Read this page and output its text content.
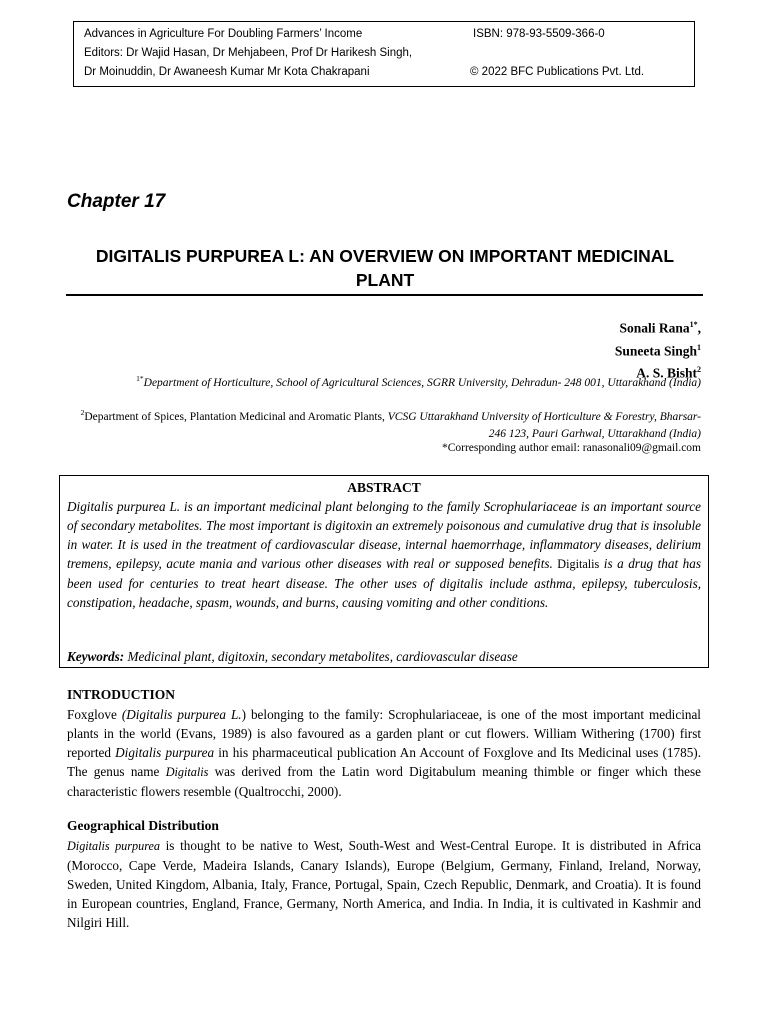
Advances in Agriculture For Doubling Farmers’ Income	ISBN: 978-93-5509-366-0
Editors: Dr Wajid Hasan, Dr Mehjabeen, Prof Dr Harikesh Singh,
Dr Moinuddin, Dr Awaneesh Kumar Mr Kota Chakrapani	© 2022 BFC Publications Pvt. Ltd.
Chapter 17
DIGITALIS PURPUREA L: AN OVERVIEW ON IMPORTANT MEDICINAL PLANT
Sonali Rana$^{1*}$,
Suneeta Singh$^1$
A. S. Bisht$^2$
$^{1*}$Department of Horticulture, School of Agricultural Sciences, SGRR University, Dehradun- 248 001, Uttarakhand (India)
$^2$Department of Spices, Plantation Medicinal and Aromatic Plants, VCSG Uttarakhand University of Horticulture & Forestry, Bharsar- 246 123, Pauri Garhwal, Uttarakhand (India)
*Corresponding author email: ranasonali09@gmail.com
ABSTRACT
Digitalis purpurea L. is an important medicinal plant belonging to the family Scrophulariaceae is an important source of secondary metabolites. The most important is digitoxin an extremely poisonous and cumulative drug that is insoluble in water. It is used in the treatment of cardiovascular disease, internal haemorrhage, inflammatory diseases, delirium tremens, epilepsy, acute mania and various other diseases with real or supposed benefits. Digitalis is a drug that has been used for centuries to treat heart disease. The other uses of digitalis include asthma, epilepsy, tuberculosis, constipation, headache, spasm, wounds, and burns, causing vomiting and other conditions.
Keywords: Medicinal plant, digitoxin, secondary metabolites, cardiovascular disease
INTRODUCTION
Foxglove (Digitalis purpurea L.) belonging to the family: Scrophulariaceae, is one of the most important medicinal plants in the world (Evans, 1989) is also favoured as a garden plant or cut flowers. William Withering (1700) first reported Digitalis purpurea in his pharmaceutical publication An Account of Foxglove and Its Medicinal uses (1785). The genus name Digitalis was derived from the Latin word Digitabulum meaning thimble or finger which these characteristic flowers resemble (Qualtrocchi, 2000).
Geographical Distribution
Digitalis purpurea is thought to be native to West, South-West and West-Central Europe. It is distributed in Africa (Morocco, Cape Verde, Madeira Islands, Canary Islands), Europe (Belgium, Germany, Finland, Ireland, Norway, Sweden, United Kingdom, Albania, Italy, France, Portugal, Spain, Czech Republic, Denmark, and Croatia). It is found in European countries, England, France, Germany, North America, and India. In India, it is cultivated in Kashmir and Nilgiri Hill.
